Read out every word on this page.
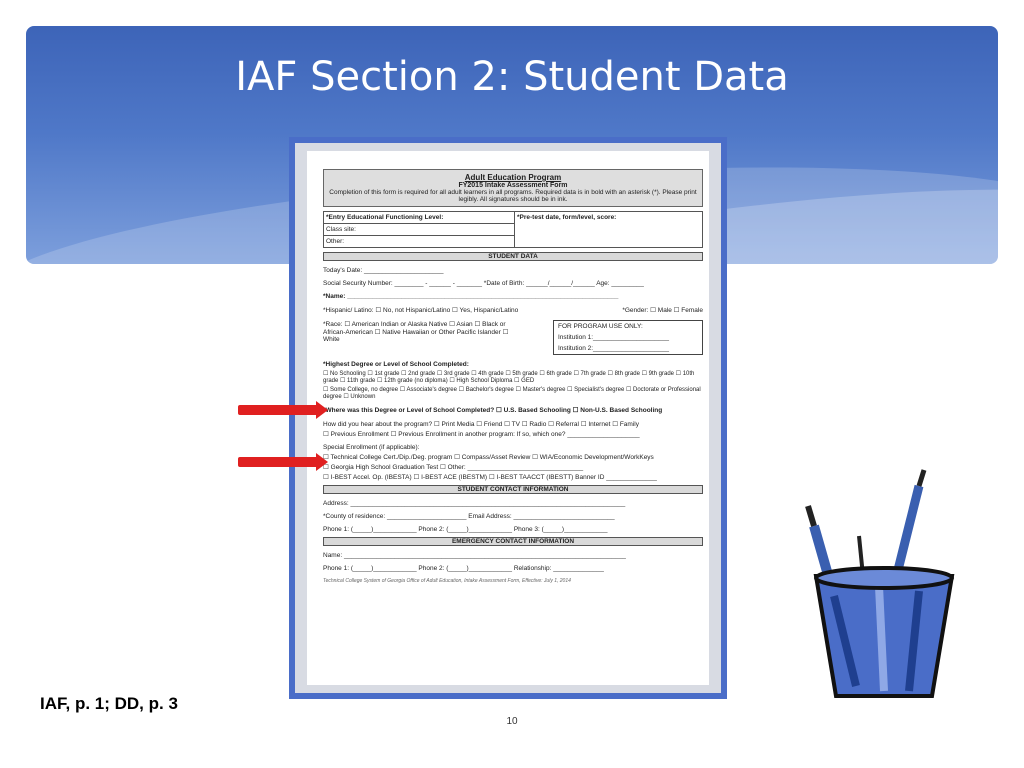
IAF Section 2: Student Data
Adult Education Program
FY2015 Intake Assessment Form
Completion of this form is required for all adult learners in all programs. Required data is in bold with an asterisk (*). Please print legibly. All signatures should be in ink.
*Entry Educational Functioning Level:
Class site:
Other:
*Pre-test date, form/level, score:
STUDENT DATA
Today's Date: ______________________
Social Security Number: ________ - ______ - _______ *Date of Birth: ______/______/______ Age: _________
*Name: ___________________________________________________________________________
*Hispanic/ Latino: ☐ No, not Hispanic/Latino ☐ Yes, Hispanic/Latino	*Gender: ☐ Male ☐ Female
*Race: ☐ American Indian or Alaska Native ☐ Asian ☐ Black or African-American ☐ Native Hawaiian or Other Pacific Islander ☐ White
FOR PROGRAM USE ONLY:
Institution 1:_____________________
Institution 2:_____________________
*Highest Degree or Level of School Completed:
☐ No Schooling ☐ 1st grade ☐ 2nd grade ☐ 3rd grade ☐ 4th grade ☐ 5th grade ☐ 6th grade ☐ 7th grade ☐ 8th grade ☐ 9th grade ☐ 10th grade ☐ 11th grade ☐ 12th grade (no diploma) ☐ High School Diploma ☐ GED
☐ Some College, no degree ☐ Associate's degree ☐ Bachelor's degree ☐ Master's degree ☐ Specialist's degree ☐ Doctorate or Professional degree ☐ Unknown
*Where was this Degree or Level of School Completed? ☐ U.S. Based Schooling ☐ Non-U.S. Based Schooling
How did you hear about the program? ☐ Print Media ☐ Friend ☐ TV ☐ Radio ☐ Referral ☐ Internet ☐ Family
☐ Previous Enrollment ☐ Previous Enrollment in another program: If so, which one? ____________________
Special Enrollment (if applicable):
☐ Technical College Cert./Dip./Deg. program ☐ Compass/Asset Review ☐ WIA/Economic Development/WorkKeys
☐ Georgia High School Graduation Test ☐ Other: ________________________________
☐ I-BEST Accel. Op. (IBESTA) ☐ I-BEST ACE (IBESTM) ☐ I-BEST TAACCT (IBESTT) Banner ID ______________
STUDENT CONTACT INFORMATION
Address: ____________________________________________________________________________
*County of residence: ______________________ Email Address: ____________________________
Phone 1: (_____)____________ Phone 2: (_____)____________ Phone 3: (_____)____________
EMERGENCY CONTACT INFORMATION
Name: ______________________________________________________________________________
Phone 1: (_____)____________ Phone 2: (_____)____________ Relationship: ______________
Technical College System of Georgia Office of Adult Education, Intake Assessment Form, Effective: July 1, 2014
IAF, p. 1; DD, p. 3
10
